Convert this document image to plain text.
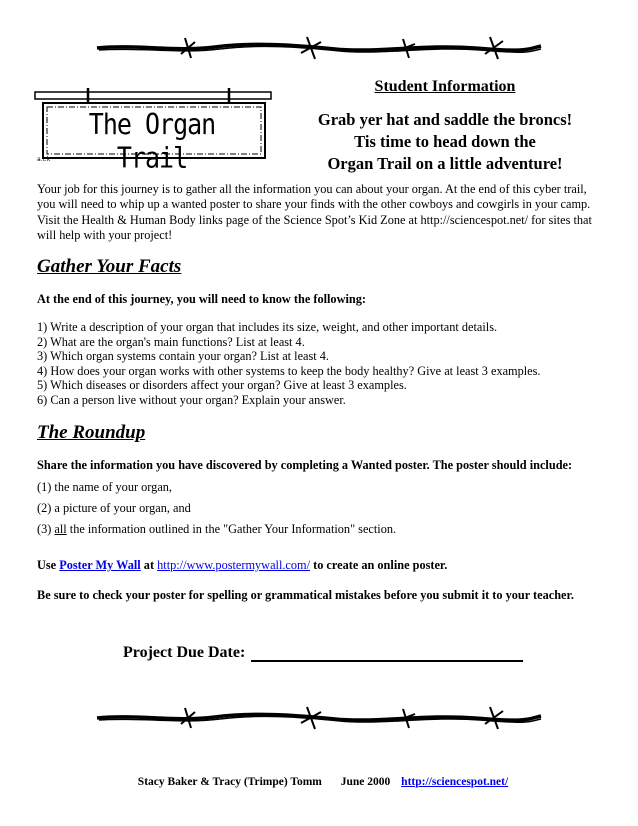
The Organ Trail
a.t.k
Student Information
Grab yer hat and saddle the broncs!
Tis time to head down the
Organ Trail on a little adventure!

Your job for this journey is to gather all the information you can about your organ. At the end of this cyber trail, you will need to whip up a wanted poster to share your finds with the other cowboys and cowgirls in your camp. Visit the Health & Human Body links page of the Science Spot’s Kid Zone at http://sciencespot.net/ for sites that will help with your project!

Gather Your Facts
At the end of this journey, you will need to know the following:
1) Write a description of your organ that includes its size, weight, and other important details.
2) What are the organ's main functions? List at least 4.
3) Which organ systems contain your organ? List at least 4.
4) How does your organ works with other systems to keep the body healthy? Give at least 3 examples.
5) Which diseases or disorders affect your organ? Give at least 3 examples.
6) Can a person live without your organ? Explain your answer.
The Roundup
Share the information you have discovered by completing a Wanted poster. The poster should include:
(1) the name of your organ,
(2) a picture of your organ, and
(3) all the information outlined in the "Gather Your Information" section.
Use Poster My Wall at http://www.postermywall.com/ to create an online poster.
Be sure to check your poster for spelling or grammatical mistakes before you submit it to your teacher.
Project Due Date:
Stacy Baker & Tracy (Trimpe) Tomm June 2000 http://sciencespot.net/
